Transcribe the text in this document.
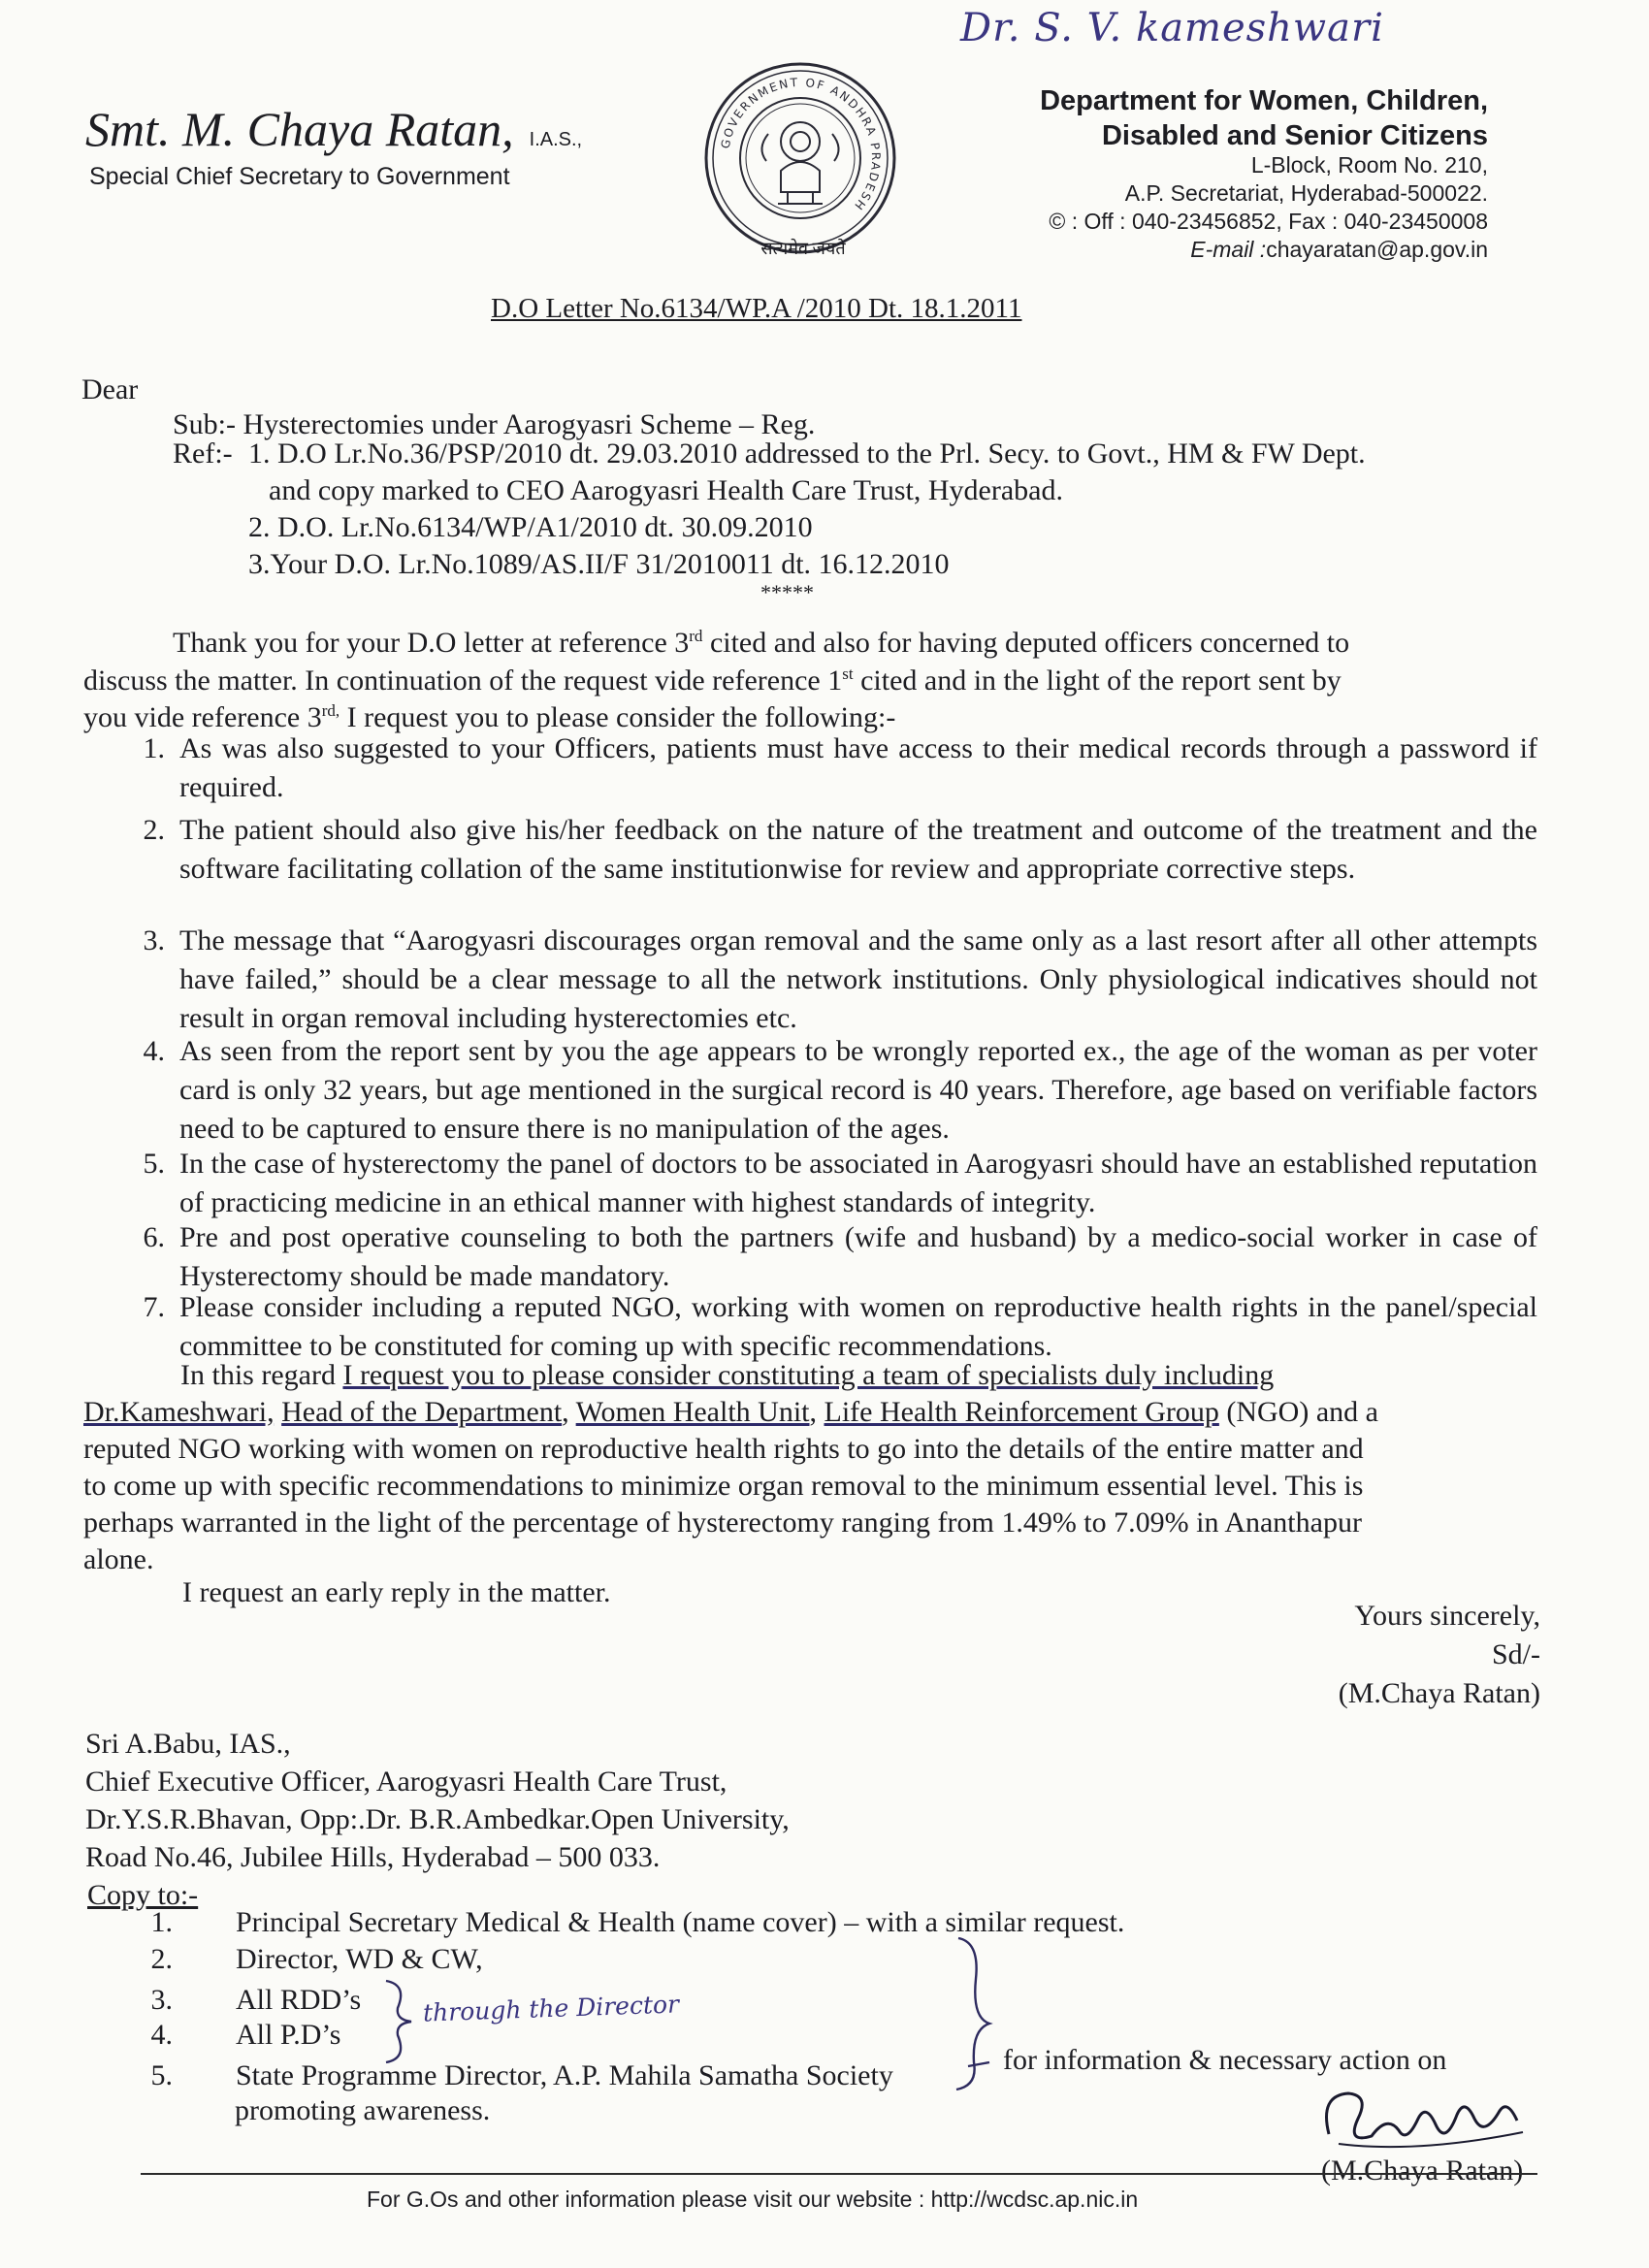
Dr. S. V. kameshwari
Smt. M. Chaya Ratan, I.A.S.,
Special Chief Secretary to Government
GOVERNMENT OF ANDHRA PRADESH
सत्यमेव जयते
Department for Women, Children,
Disabled and Senior Citizens
L-Block, Room No. 210,
A.P. Secretariat, Hyderabad-500022.
© : Off : 040-23456852, Fax : 040-23450008
E-mail :chayaratan@ap.gov.in
D.O Letter No.6134/WP.A /2010 Dt. 18.1.2011
Dear
Sub:- Hysterectomies under Aarogyasri Scheme – Reg.
Ref:- 1. D.O Lr.No.36/PSP/2010 dt. 29.03.2010 addressed to the Prl. Secy. to Govt., HM & FW Dept.
and copy marked to CEO Aarogyasri Health Care Trust, Hyderabad.
2. D.O. Lr.No.6134/WP/A1/2010 dt. 30.09.2010
3.Your D.O. Lr.No.1089/AS.II/F 31/2010011 dt. 16.12.2010
*****
Thank you for your D.O letter at reference 3rd cited and also for having deputed officers concerned to
discuss the matter. In continuation of the request vide reference 1st cited and in the light of the report sent by
you vide reference $3^{rd,}$ I request you to please consider the following:-
1. As was also suggested to your Officers, patients must have access to their medical records through a password if required.
2. The patient should also give his/her feedback on the nature of the treatment and outcome of the treatment and the software facilitating collation of the same institutionwise for review and appropriate corrective steps.
3. The message that “Aarogyasri discourages organ removal and the same only as a last resort after all other attempts have failed,” should be a clear message to all the network institutions. Only physiological indicatives should not result in organ removal including hysterectomies etc.
4. As seen from the report sent by you the age appears to be wrongly reported ex., the age of the woman as per voter card is only 32 years, but age mentioned in the surgical record is 40 years. Therefore, age based on verifiable factors need to be captured to ensure there is no manipulation of the ages.
5. In the case of hysterectomy the panel of doctors to be associated in Aarogyasri should have an established reputation of practicing medicine in an ethical manner with highest standards of integrity.
6. Pre and post operative counseling to both the partners (wife and husband) by a medico-social worker in case of Hysterectomy should be made mandatory.
7. Please consider including a reputed NGO, working with women on reproductive health rights in the panel/special committee to be constituted for coming up with specific recommendations.
In this regard I request you to please consider constituting a team of specialists duly including
Dr.Kameshwari, Head of the Department, Women Health Unit, Life Health Reinforcement Group (NGO) and a
reputed NGO working with women on reproductive health rights to go into the details of the entire matter and
to come up with specific recommendations to minimize organ removal to the minimum essential level. This is
perhaps warranted in the light of the percentage of hysterectomy ranging from 1.49% to 7.09% in Ananthapur
alone.
I request an early reply in the matter.
Yours sincerely,
Sd/-
(M.Chaya Ratan)
Sri A.Babu, IAS.,
Chief Executive Officer, Aarogyasri Health Care Trust,
Dr.Y.S.R.Bhavan, Opp:.Dr. B.R.Ambedkar.Open University,
Road No.46, Jubilee Hills, Hyderabad – 500 033.
Copy to:-
1. Principal Secretary Medical & Health (name cover) – with a similar request.
2. Director, WD & CW,
3. All RDD’s
4. All P.D’s
5. State Programme Director, A.P. Mahila Samatha Society
promoting awareness.
through the Director
for information & necessary action on
(M.Chaya Ratan)
For G.Os and other information please visit our website : http://wcdsc.ap.nic.in
